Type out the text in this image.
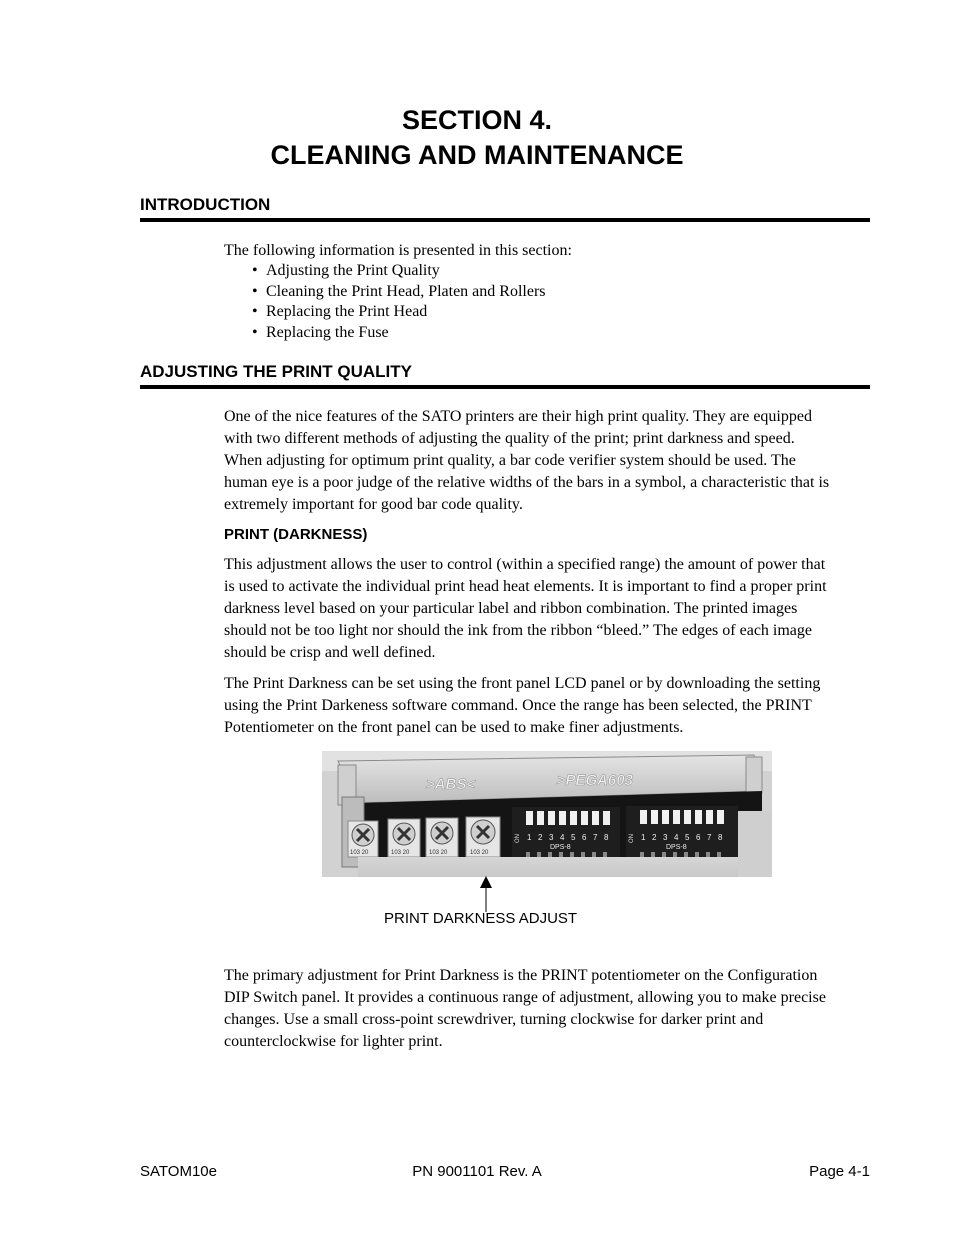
SECTION 4.
CLEANING AND MAINTENANCE
INTRODUCTION
The following information is presented in this section:
• Adjusting the Print Quality
• Cleaning the Print Head, Platen and Rollers
• Replacing the Print Head
• Replacing the Fuse
ADJUSTING THE PRINT QUALITY
One of the nice features of the SATO printers are their high print quality. They are equipped
with two different methods of adjusting the quality of the print; print darkness and speed.
When adjusting for optimum print quality, a bar code verifier system should be used. The
human eye is a poor judge of the relative widths of the bars in a symbol, a characteristic that is
extremely important for good bar code quality.
PRINT (DARKNESS)
This adjustment allows the user to control (within a specified range) the amount of power that
is used to activate the individual print head heat elements. It is important to find a proper print
darkness level based on your particular label and ribbon combination. The printed images
should not be too light nor should the ink from the ribbon “bleed.” The edges of each image
should be crisp and well defined.
The Print Darkness can be set using the front panel LCD panel or by downloading the setting
using the Print Darkeness software command. Once the range has been selected, the PRINT
Potentiometer on the front panel can be used to make finer adjustments.
>ABS<	>PEGA603
103 20	103 20	103 20	103 20
ON 1 2 3 4 5 6 7 8
DPS-8
ON 1 2 3 4 5 6 7 8
DPS-8
PRINT DARKNESS ADJUST
The primary adjustment for Print Darkness is the PRINT potentiometer on the Configuration
DIP Switch panel. It provides a continuous range of adjustment, allowing you to make precise
changes. Use a small cross-point screwdriver, turning clockwise for darker print and
counterclockwise for lighter print.
SATOM10e	PN 9001101 Rev. A	Page 4-1
